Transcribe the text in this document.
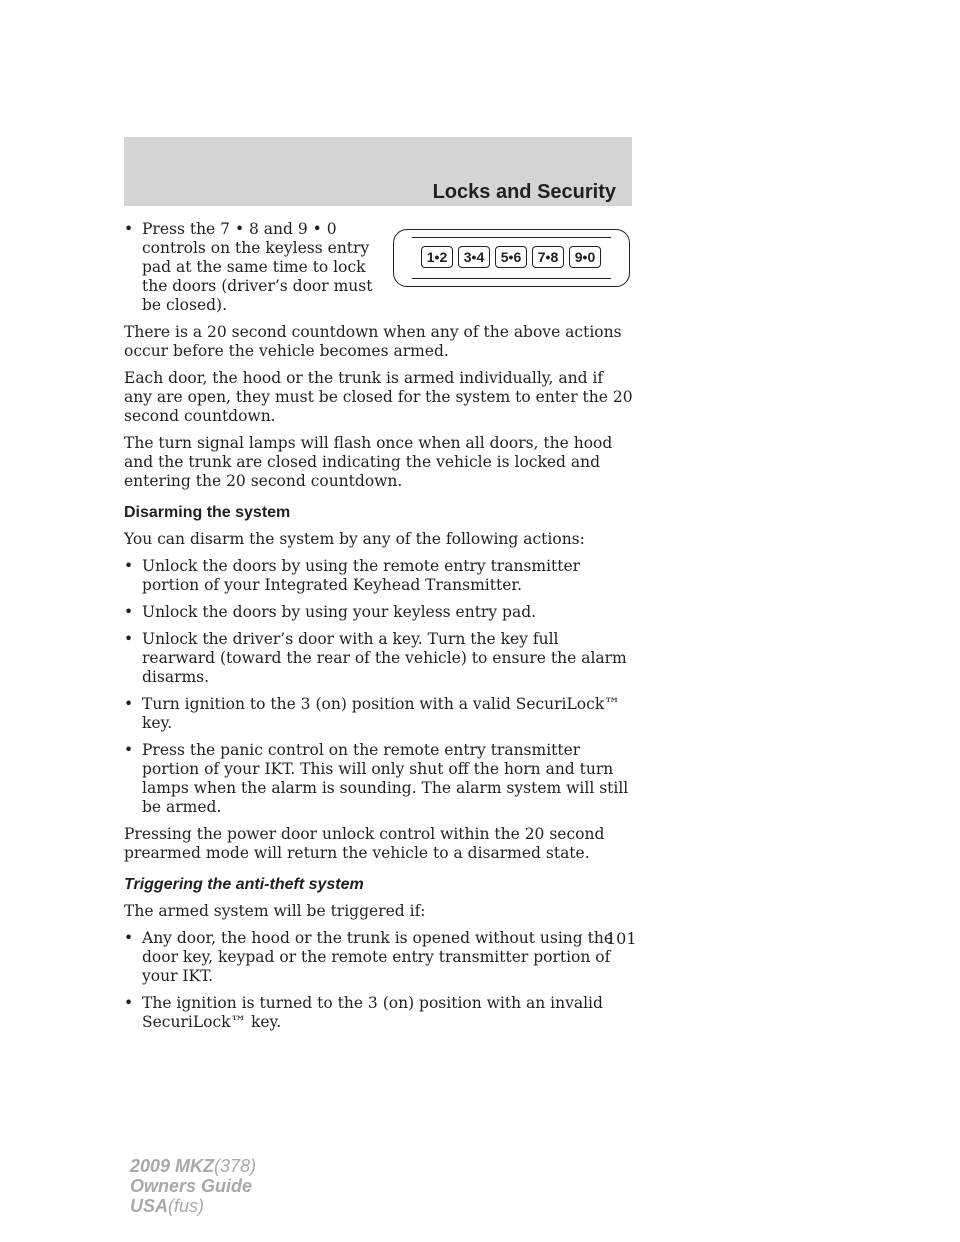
Locks and Security
1•2	3•4	5•6	7•8	9•0
• Press the 7 • 8 and 9 • 0 controls on the keyless entry pad at the same time to lock the doors (driver’s door must be closed).

There is a 20 second countdown when any of the above actions occur before the vehicle becomes armed.

Each door, the hood or the trunk is armed individually, and if any are open, they must be closed for the system to enter the 20 second countdown.

The turn signal lamps will flash once when all doors, the hood and the trunk are closed indicating the vehicle is locked and entering the 20 second countdown.

Disarming the system

You can disarm the system by any of the following actions:

• Unlock the doors by using the remote entry transmitter portion of your Integrated Keyhead Transmitter.
• Unlock the doors by using your keyless entry pad.
• Unlock the driver’s door with a key. Turn the key full rearward (toward the rear of the vehicle) to ensure the alarm disarms.
• Turn ignition to the 3 (on) position with a valid SecuriLock™ key.
• Press the panic control on the remote entry transmitter portion of your IKT. This will only shut off the horn and turn lamps when the alarm is sounding. The alarm system will still be armed.

Pressing the power door unlock control within the 20 second prearmed mode will return the vehicle to a disarmed state.

Triggering the anti-theft system

The armed system will be triggered if:

• Any door, the hood or the trunk is opened without using the door key, keypad or the remote entry transmitter portion of your IKT.
• The ignition is turned to the 3 (on) position with an invalid SecuriLock™ key.
101
2009 MKZ(378)
Owners Guide
USA(fus)
